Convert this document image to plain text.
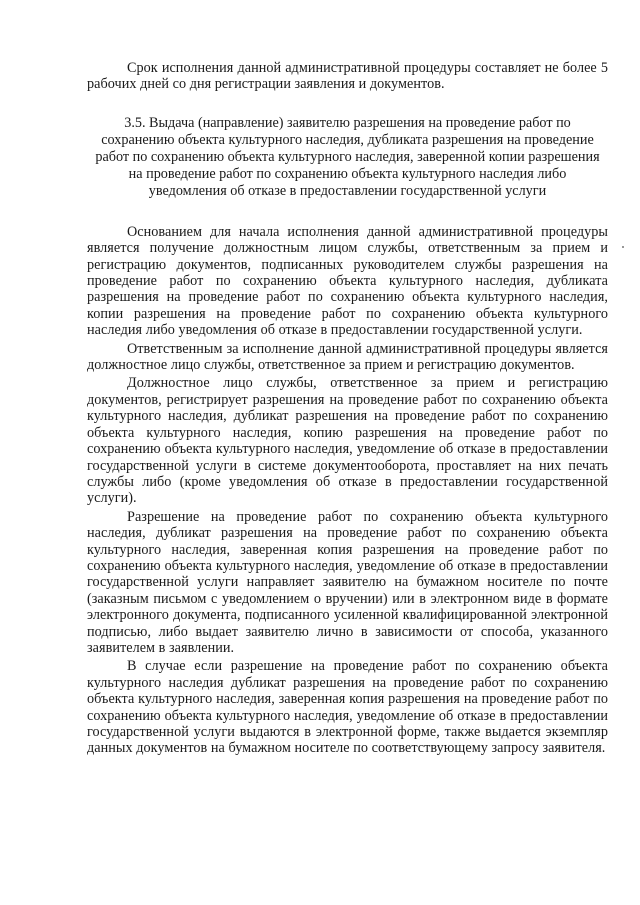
Срок исполнения данной административной процедуры составляет не более 5 рабочих дней со дня регистрации заявления и документов.

3.5. Выдача (направление) заявителю разрешения на проведение работ по сохранению объекта культурного наследия, дубликата разрешения на проведение работ по сохранению объекта культурного наследия, заверенной копии разрешения на проведение работ по сохранению объекта культурного наследия либо уведомления об отказе в предоставлении государственной услуги

Основанием для начала исполнения данной административной процедуры является получение должностным лицом службы, ответственным за прием и регистрацию документов, подписанных руководителем службы разрешения на проведение работ по сохранению объекта культурного наследия, дубликата разрешения на проведение работ по сохранению объекта культурного наследия, копии разрешения на проведение работ по сохранению объекта культурного наследия либо уведомления об отказе в предоставлении государственной услуги.

Ответственным за исполнение данной административной процедуры является должностное лицо службы, ответственное за прием и регистрацию документов.

Должностное лицо службы, ответственное за прием и регистрацию документов, регистрирует разрешения на проведение работ по сохранению объекта культурного наследия, дубликат разрешения на проведение работ по сохранению объекта культурного наследия, копию разрешения на проведение работ по сохранению объекта культурного наследия, уведомление об отказе в предоставлении государственной услуги в системе документооборота, проставляет на них печать службы либо (кроме уведомления об отказе в предоставлении государственной услуги).

Разрешение на проведение работ по сохранению объекта культурного наследия, дубликат разрешения на проведение работ по сохранению объекта культурного наследия, заверенная копия разрешения на проведение работ по сохранению объекта культурного наследия, уведомление об отказе в предоставлении государственной услуги направляет заявителю на бумажном носителе по почте (заказным письмом с уведомлением о вручении) или в электронном виде в формате электронного документа, подписанного усиленной квалифицированной электронной подписью, либо выдает заявителю лично в зависимости от способа, указанного заявителем в заявлении.

В случае если разрешение на проведение работ по сохранению объекта культурного наследия дубликат разрешения на проведение работ по сохранению объекта культурного наследия, заверенная копия разрешения на проведение работ по сохранению объекта культурного наследия, уведомление об отказе в предоставлении государственной услуги выдаются в электронной форме, также выдается экземпляр данных документов на бумажном носителе по соответствующему запросу заявителя.
